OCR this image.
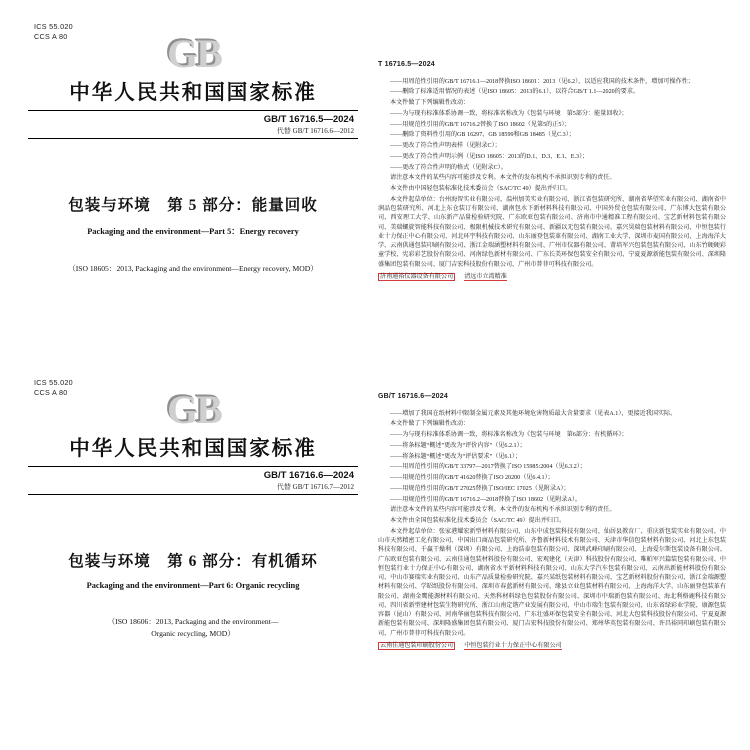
ICS 55.020
CCS A 80	GB
中华人民共和国国家标准
GB/T 16716.5—2024
代替 GB/T 16716.6—2012
包装与环境　第 5 部分：能量回收
Packaging and the environment—Part 5：Energy recovery
（ISO 18605：2013, Packaging and the environment—Energy recovery, MOD）
ICS 55.020
CCS A 80	GB
中华人民共和国国家标准
GB/T 16716.6—2024
代替 GB/T 16716.7—2012
包装与环境　第 6 部分：有机循环
Packaging and the environment—Part 6: Organic recycling
（ISO 18606：2013, Packaging and the environment—
Organic recycling, MOD）
T 16716.5—2024

——用周范性引用的GB/T 16716.1—2018替换ISO 18601：2013（见6.2），以适应我国的技术条件，增加可操作性；

——删除了标准适用情况的表述（见ISO 18605：2013的6.1），以符合GB/T 1.1—2020的要求。

本文件做了下列编辑性改动：

——为与现有标准体系协调一致，将标准名称改为《包装与环境　第5部分：能量回收》；

——用规范性引用的GB/T 16716.2替换了ISO 18602（见第5的正5）；

——删除了资料性引用的GB 16297、GB 18599和GB 18485（见C.3）；

——更改了符合性声明表样（见附录C）；

——更改了符合性声明示例（见ISO 18605：2013的D.1、D.3、E.1、E.3）；

——更改了符合性声明的格式（见附录C）。

请注意本文件的某些内容可能涉及专利。本文件的发布机构不承担识别专利的责任。

本文件由中国轻包装标准化技术委员会（SAC/TC 49）提出并归口。

本文件起草单位：台州海智实业有限公司、温州加美实业有限公司、浙江省包装研究所、湖南省华望实业有限公司、湖南省中润品包装研究所、河北上东仓装订有限公司、湖南包水下新材料科技有限公司、中国外贸仓包装有限公司、广东博大包装有限公司、西安理工大学、山东新产品量检验研究院、广东欧亚包装有限公司、济南市中通精准工程有限公司、宝艺新材料包装有限公司、美瑞螺旋智能科技有限公司、极限机械技术研究有限公司、新疆以无包装有限公司、嘉兴昊瑞包装材料有限公司、中恒包装行业十力保正中心有限公司、河北环宇科技有限公司、山东丽登包装革有限公司、湖南工业大学、深圳市麦国有限公司、上海海洋大学、云南供通包装印刷有限公司、浙江金瑞涵塑材料有限公司、广州市仪器有限公司、莆培军兴包装包装有限公司、山东竹硬硬彩童学校、宪彩彩艺股份有限公司、河南绿色新材有限公司、广东长美环保包装安全有限公司、宁夏夏源新能包装有限公司、深圳隆盛集团包装有限公司、厦门吉宏科技股份有限公司、广州市普菲可科技有限公司。

济南通裕仪器设备有限公司 清远市立湾精准

GB/T 16716.6—2024

——增加了我国在纸材料中限制金属元素及其他环境危害物质最大含量要求（见表A.1），更接近我国实际。

本文件做了下列编辑性改动：

——为与现有标准体系协调一致，将标准名称改为《包装与环境　第6部分：有机循环》；

——将条标题“概述”更改为“评价内容”（见6.2.1）；

——将条标题“概述”更改为“评估要求”（见6.1）；

——用周范性引用的GB/T 33797—2017替换了ISO 15985:2004（见6.3.2）；

——用规范性引用的GB/T 41620替换了ISO 20200（见6.4.1）；

——用规范性引用的GB/T 27025替换了ISO/IEC 17025（见附录A）；

——用规范性引用的GB/T 16716.2—2018替换了ISO 18602（见附录A）。

请注意本文件的某些内容可能涉及专利。本文件的发布机构不承担识别专利的责任。

本文件由全国包装标准化技术委员会（SAC/TC 49）提出并归口。

本文件起草单位：张家港耀宏新型材料有限公司、山东中成包装科技有限公司、仙居县教育厂、重庆新包装实业有限公司、中山市天然精密工化有限公司、中国出口商品包装研究所、齐鲁新材料技术有限公司、天津市华信包装材料有限公司、河北上东包装科技有限公司、千赢干燥利（深圳）有限公司、上海浩泰包装有限公司、深圳武峰印刷有限公司、上海爱尔斯包装设备有限公司、广东欧亚包装有限公司、云南佳通包装材料股份有限公司、宏观建化（天津）科技股份有限公司、唯帕军兴篇装包装有限公司、中恒包装行业十力保正中心有限公司、湖南省水平新材料科技有限公司、山东大学汽车包装有限公司、云南出新能材料股份有限公司、中山市赛瑞实业有限公司、山东产品质量检验研究院、嘉兴某纸包装材料有限公司、宝艺新材料股份有限公司、浙江金瑞源塑材料有限公司、学昭纸股份有限公司、深圳市春蓝新材有限公司、缘县立业包装材料有限公司、上海海洋大学、山东丽登包装革有限公司、湖南金鹰能源材料有限公司、天然科材料绿色包装股份有限公司、深圳市中瑞新包装有限公司、海北利格鹿科技有限公司、四川省新型建材包装生物研究所、浙江山南定谐产业发展有限公司、中山市瑞生包装有限公司、山东省绿彩业学院、康源包装容器（昆山）有限公司、河南华丽包装科技有限公司、广东壮盛环保包装安全有限公司、河北大包装科技股份有限公司、宁夏夏源新能包装有限公司、深圳隆盛集团包装有限公司、厦门吉宏科技股份有限公司、郑州华英包装有限公司、许昌裕同印刷包装有限公司、广州市普菲可科技有限公司。

云南佳通包装印刷股份公司 中恒包装行业十力保正中心有限公司
